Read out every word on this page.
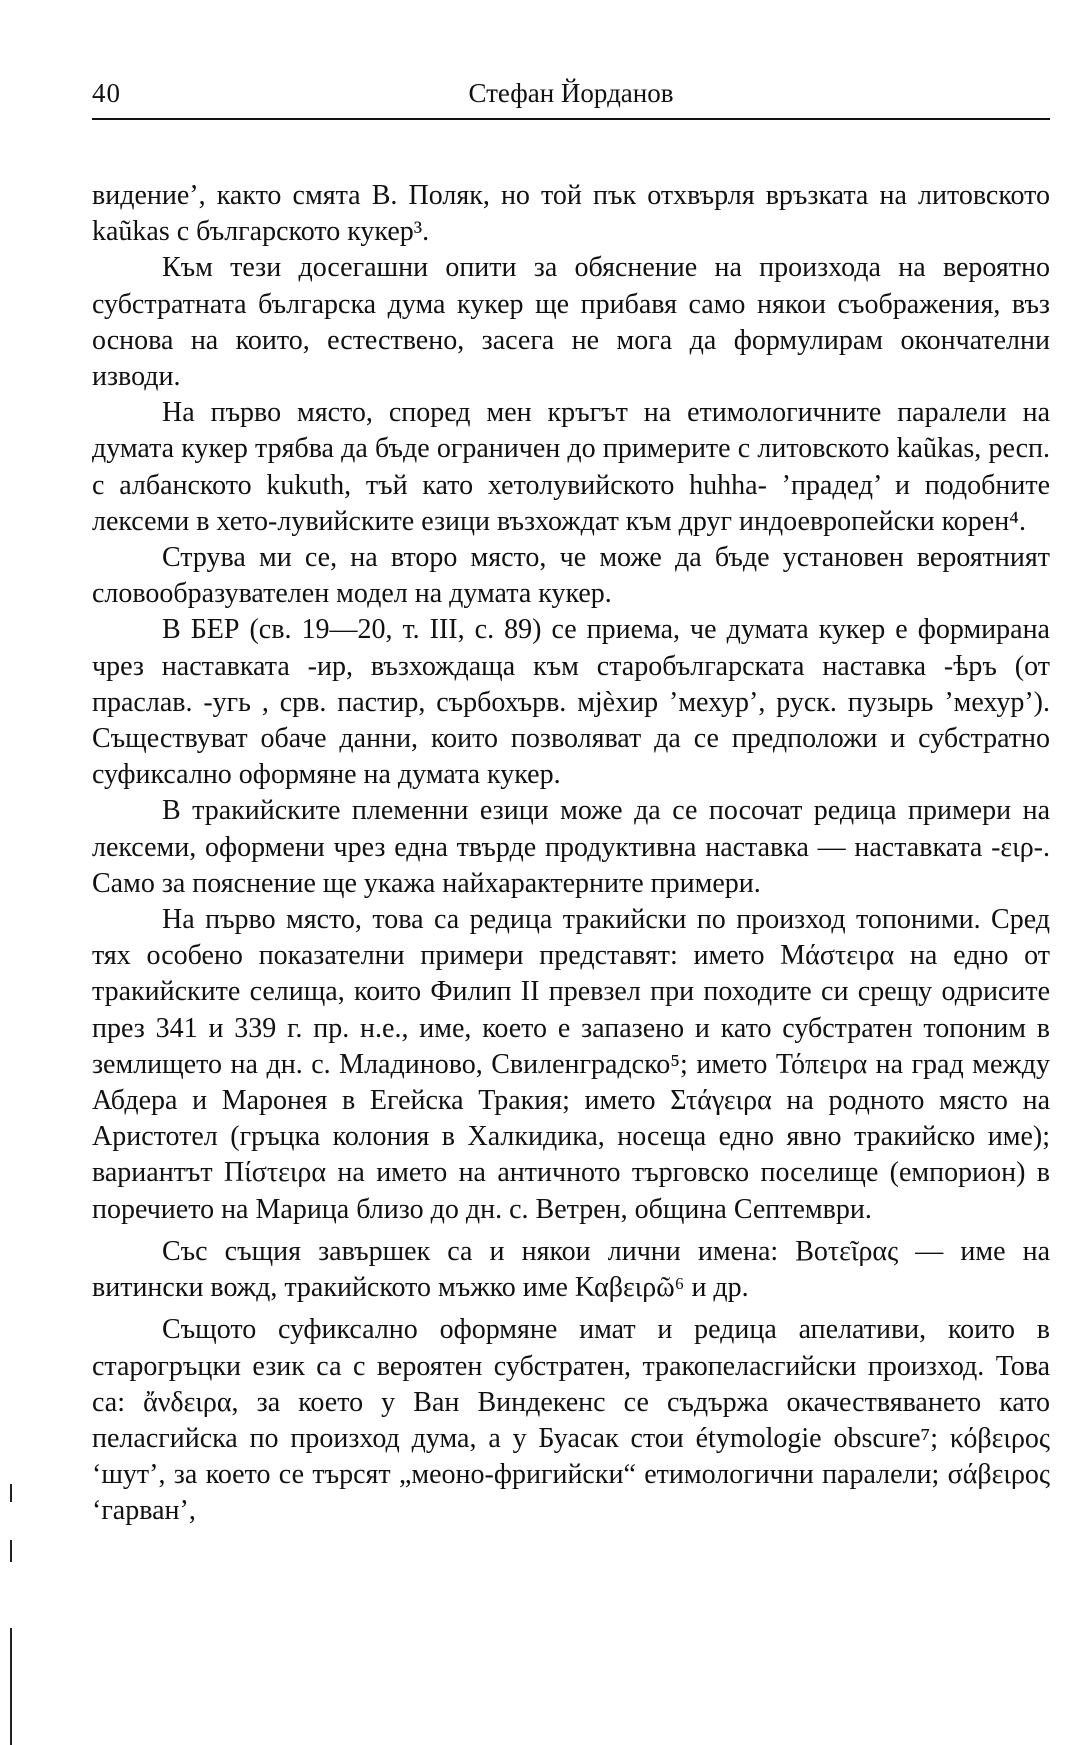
40	Стефан Йорданов

видение’, както смята В. Поляк, но той пък отхвърля връзката на литовското kaũkas с българското кукер³.

Към тези досегашни опити за обяснение на произхода на вероятно субстратната българска дума кукер ще прибавя само някои съображения, въз основа на които, естествено, засега не мога да формулирам окончателни изводи.

На първо място, според мен кръгът на етимологичните паралели на думата кукер трябва да бъде ограничен до примерите с литовското kaũkas, респ. с албанското kukuth, тъй като хетолувийското huhha- ’прадед’ и подобните лексеми в хето-лувийските езици възхождат към друг индоевропейски корен⁴.

Струва ми се, на второ място, че може да бъде установен вероятният словообразувателен модел на думата кукер.

В БЕР (св. 19—20, т. III, с. 89) се приема, че думата кукер е формирана чрез наставката -ир, възхождаща към старобългарската наставка -ѣръ (от праслав. -угь , срв. пастир, сърбохърв. мјѐхир ’мехур’, руск. пузырь ’мехур’). Съществуват обаче данни, които позволяват да се предположи и субстратно суфиксално оформяне на думата кукер.

В тракийските племенни езици може да се посочат редица примери на лексеми, оформени чрез една твърде продуктивна наставка — наставката -ειρ-. Само за пояснение ще укажа найхарактерните примери.

На първо място, това са редица тракийски по произход топоними. Сред тях особено показателни примери представят: името Μάστειρα на едно от тракийските селища, които Филип II превзел при походите си срещу одрисите през 341 и 339 г. пр. н.е., име, което е запазено и като субстратен топоним в землището на дн. с. Младиново, Свиленградско⁵; името Τόπειρα на град между Абдера и Маронея в Егейска Тракия; името Στάγειρα на родното място на Аристотел (гръцка колония в Халкидика, носеща едно явно тракийско име); вариантът Πίστειρα на името на античното търговско поселище (емпорион) в поречието на Марица близо до дн. с. Ветрен, община Септември.

Със същия завършек са и някои лични имена: Βοτεῖρας — име на витински вожд, тракийското мъжко име Καβειρῶ⁶ и др.

Същото суфиксално оформяне имат и редица апелативи, които в старогръцки език са с вероятен субстратен, тракопеласгийски произход. Това са: ἄνδειρα, за което у Ван Виндекенс се съдържа окачествяването като пеласгийска по произход дума, а у Буасак стои étymologie obscure⁷; κόβειρος ‘шут’, за което се търсят „меоно-фригийски“ етимологични паралели; σάβειρος ‘гарван’,
